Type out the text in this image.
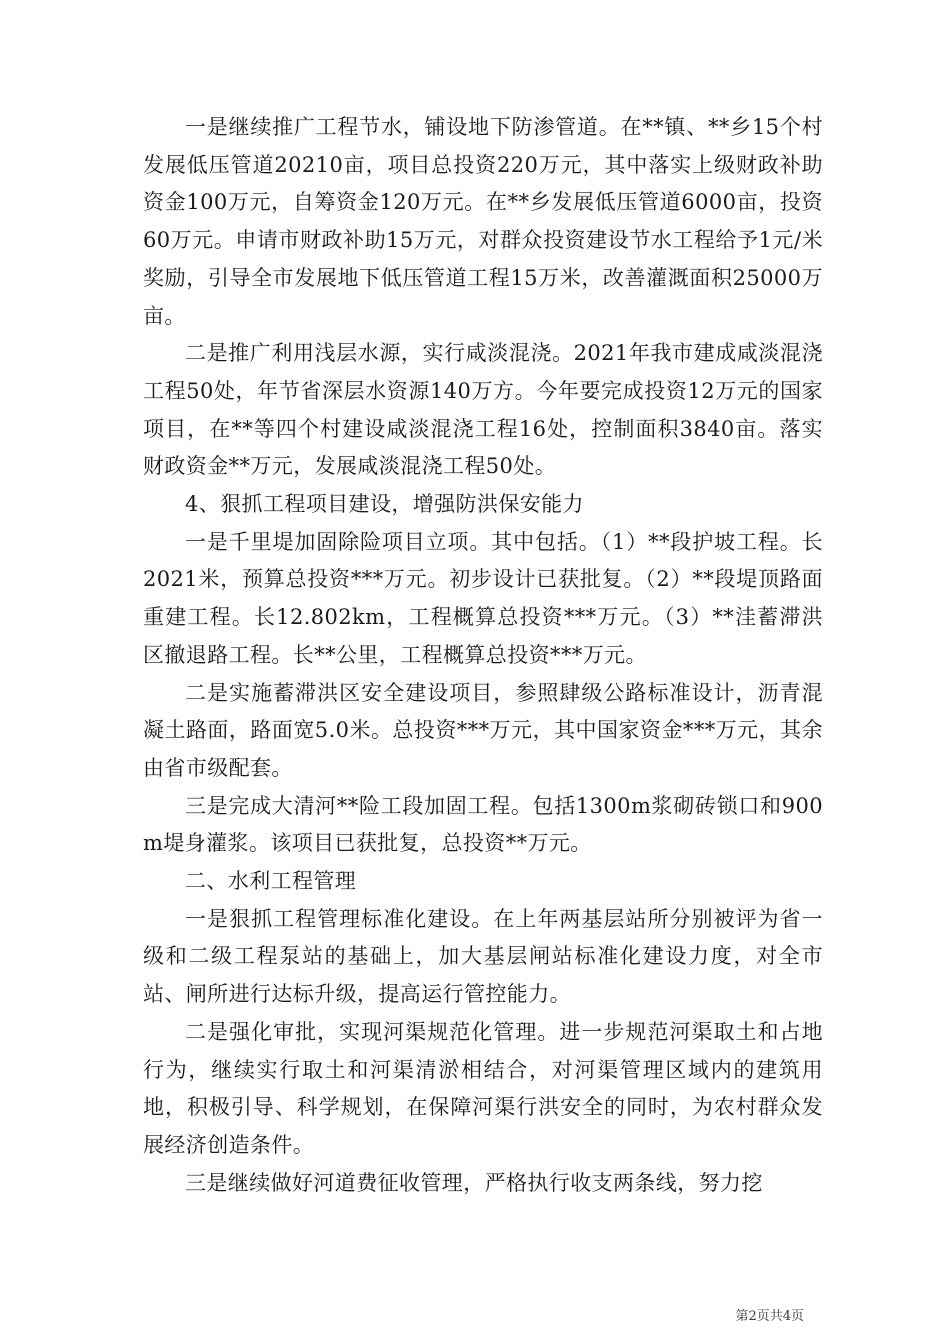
一是继续推广工程节水，铺设地下防渗管道。在**镇、**乡15个村发展低压管道20210亩，项目总投资220万元，其中落实上级财政补助资金100万元，自筹资金120万元。在**乡发展低压管道6000亩，投资60万元。申请市财政补助15万元，对群众投资建设节水工程给予1元/米奖励，引导全市发展地下低压管道工程15万米，改善灌溉面积25000万亩。

二是推广利用浅层水源，实行咸淡混浇。2021年我市建成咸淡混浇工程50处，年节省深层水资源140万方。今年要完成投资12万元的国家项目，在**等四个村建设咸淡混浇工程16处，控制面积3840亩。落实财政资金**万元，发展咸淡混浇工程50处。

4、狠抓工程项目建设，增强防洪保安能力

一是千里堤加固除险项目立项。其中包括。（1）**段护坡工程。长2021米，预算总投资***万元。初步设计已获批复。（2）**段堤顶路面重建工程。长12.802km，工程概算总投资***万元。（3）**洼蓄滞洪区撤退路工程。长**公里，工程概算总投资***万元。

二是实施蓄滞洪区安全建设项目，参照肆级公路标准设计，沥青混凝土路面，路面宽5.0米。总投资***万元，其中国家资金***万元，其余由省市级配套。

三是完成大清河**险工段加固工程。包括1300m浆砌砖锁口和900m堤身灌浆。该项目已获批复，总投资**万元。

二、水利工程管理

一是狠抓工程管理标准化建设。在上年两基层站所分别被评为省一级和二级工程泵站的基础上，加大基层闸站标准化建设力度，对全市站、闸所进行达标升级，提高运行管控能力。

二是强化审批，实现河渠规范化管理。进一步规范河渠取土和占地行为，继续实行取土和河渠清淤相结合，对河渠管理区域内的建筑用地，积极引导、科学规划，在保障河渠行洪安全的同时，为农村群众发展经济创造条件。

三是继续做好河道费征收管理，严格执行收支两条线，努力挖

第2页共4页
